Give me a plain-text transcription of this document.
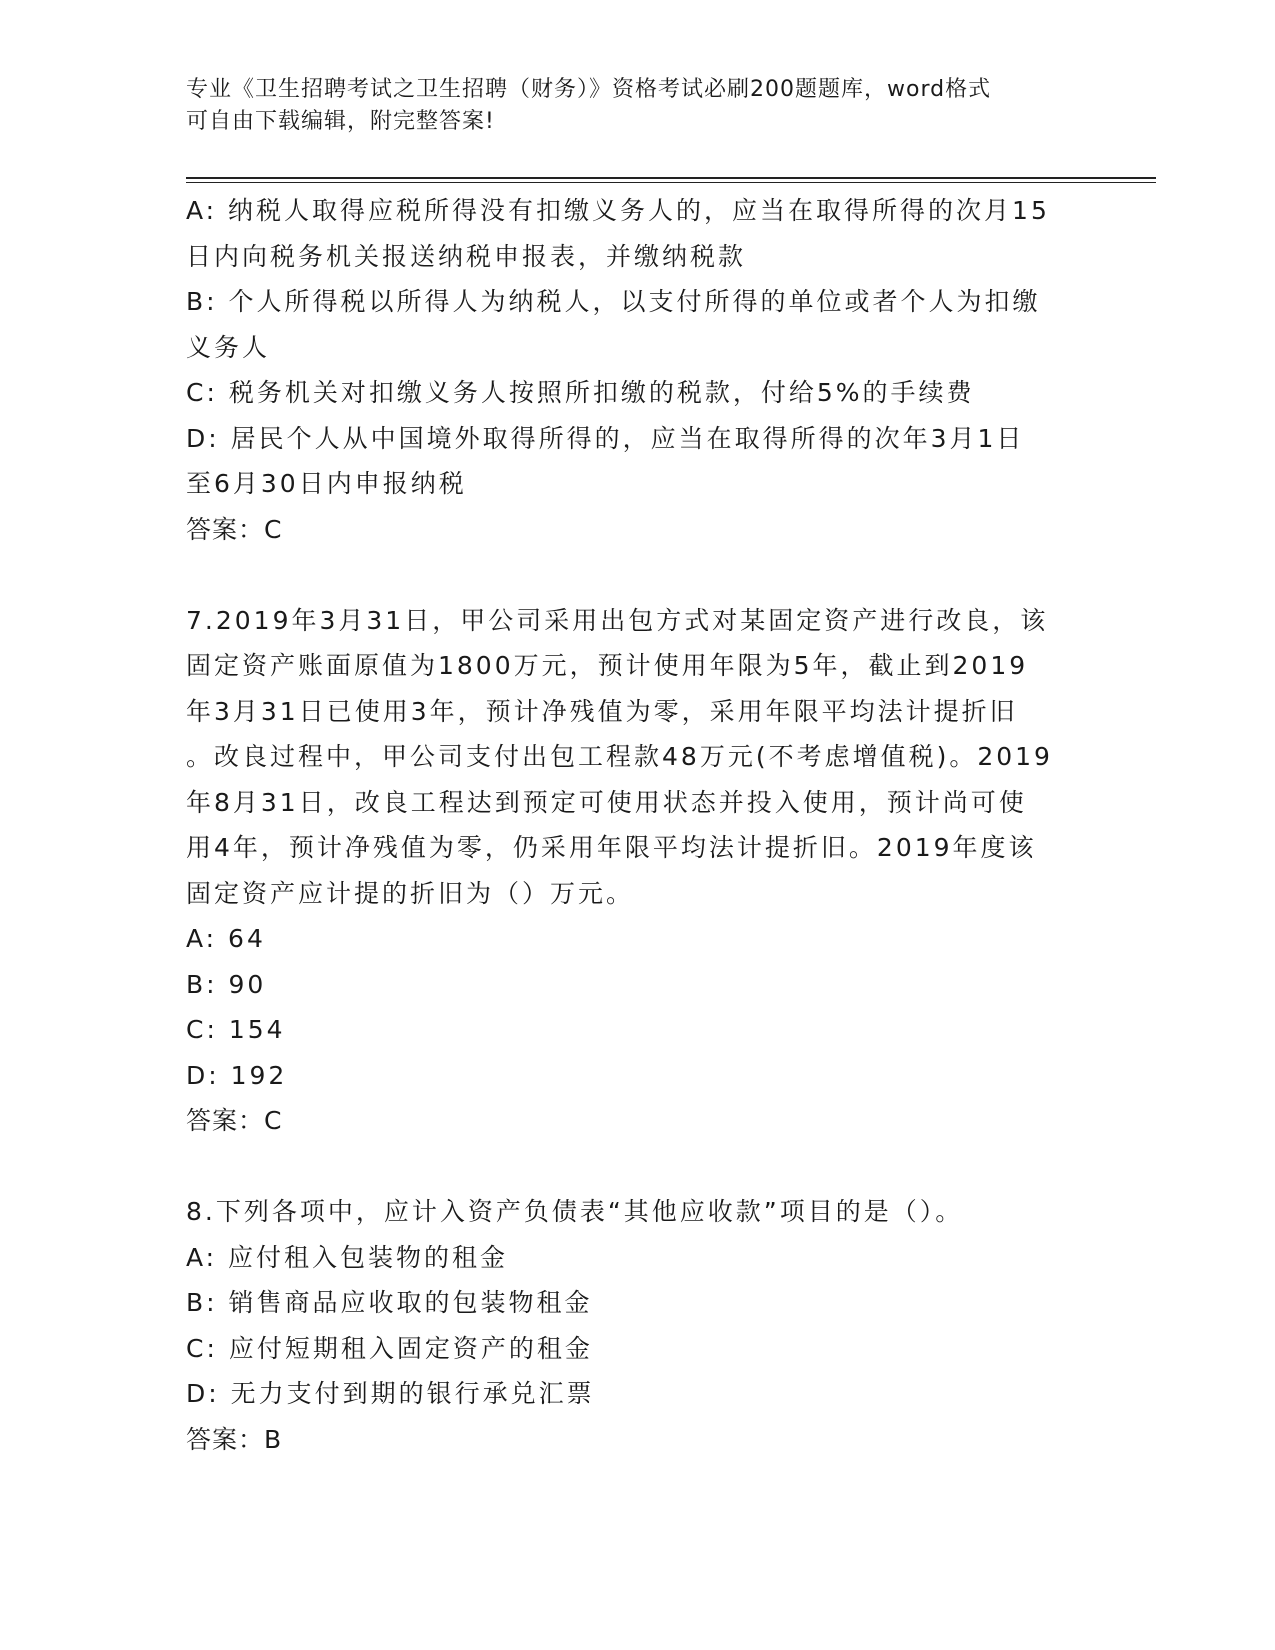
专业《卫生招聘考试之卫生招聘（财务）》资格考试必刷200题题库，word格式
可自由下载编辑，附完整答案!
A: 纳税人取得应税所得没有扣缴义务人的，应当在取得所得的次月15
日内向税务机关报送纳税申报表，并缴纳税款
B: 个人所得税以所得人为纳税人，以支付所得的单位或者个人为扣缴
义务人
C: 税务机关对扣缴义务人按照所扣缴的税款，付给5%的手续费
D: 居民个人从中国境外取得所得的，应当在取得所得的次年3月1日
至6月30日内申报纳税
答案：C
7.2019年3月31日，甲公司采用出包方式对某固定资产进行改良，该
固定资产账面原值为1800万元，预计使用年限为5年，截止到2019
年3月31日已使用3年，预计净残值为零，采用年限平均法计提折旧
。改良过程中，甲公司支付出包工程款48万元(不考虑增值税)。2019
年8月31日，改良工程达到预定可使用状态并投入使用，预计尚可使
用4年，预计净残值为零，仍采用年限平均法计提折旧。2019年度该
固定资产应计提的折旧为（）万元。
A: 64
B: 90
C: 154
D: 192
答案：C
8.下列各项中，应计入资产负债表“其他应收款”项目的是（）。
A: 应付租入包装物的租金
B: 销售商品应收取的包装物租金
C: 应付短期租入固定资产的租金
D: 无力支付到期的银行承兑汇票
答案：B
